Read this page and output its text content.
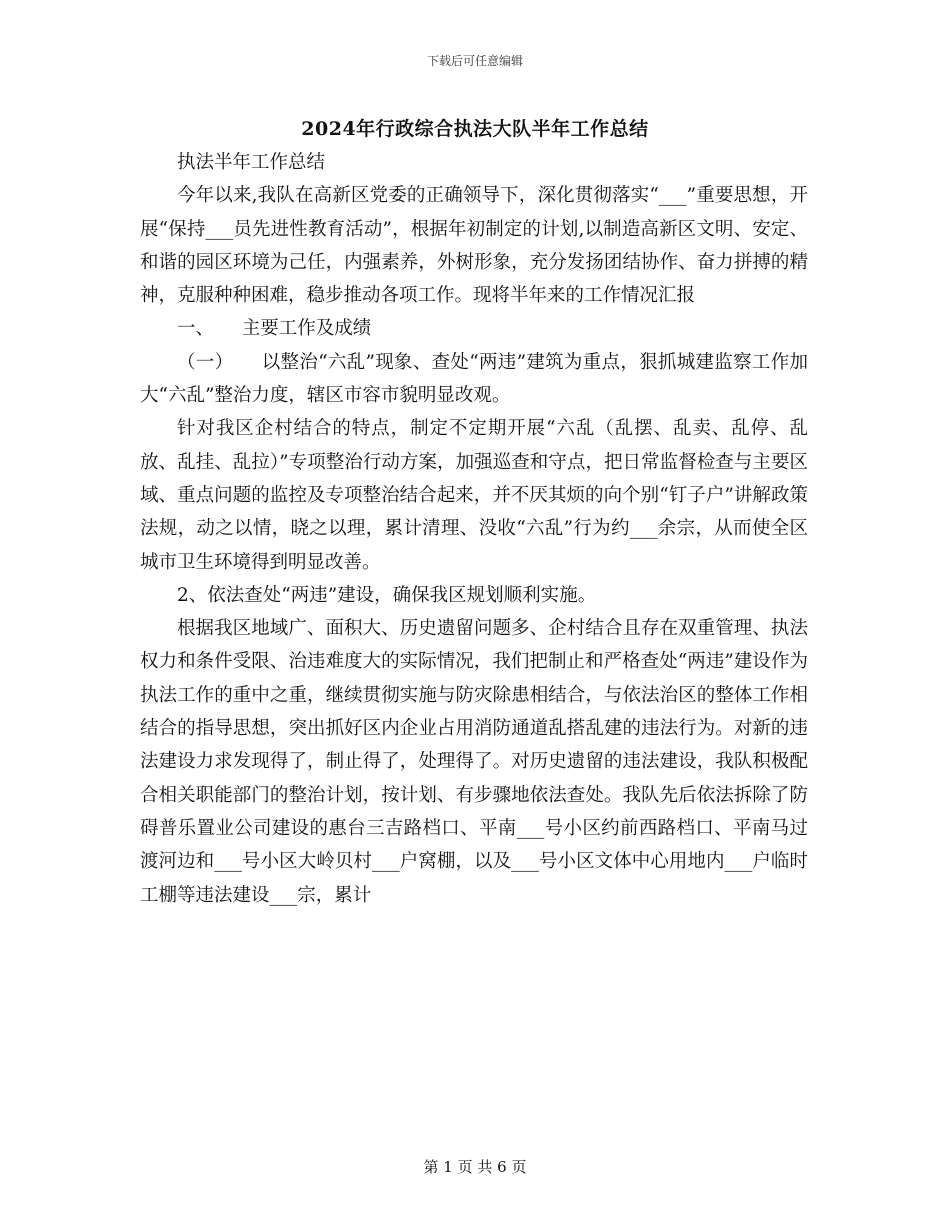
下载后可任意编辑
2024年行政综合执法大队半年工作总结

执法半年工作总结

今年以来,我队在高新区党委的正确领导下，深化贯彻落实“___”重要思想，开展“保持___员先进性教育活动”，根据年初制定的计划,以制造高新区文明、安定、和谐的园区环境为己任，内强素养，外树形象，充分发扬团结协作、奋力拼搏的精神，克服种种困难，稳步推动各项工作。现将半年来的工作情况汇报

一、　　主要工作及成绩

（一）　　以整治“六乱”现象、查处“两违”建筑为重点，狠抓城建监察工作加大“六乱”整治力度，辖区市容市貌明显改观。

针对我区企村结合的特点，制定不定期开展“六乱（乱摆、乱卖、乱停、乱放、乱挂、乱拉）”专项整治行动方案，加强巡查和守点，把日常监督检查与主要区域、重点问题的监控及专项整治结合起来，并不厌其烦的向个别“钉子户”讲解政策法规，动之以情，晓之以理，累计清理、没收“六乱”行为约___余宗，从而使全区城市卫生环境得到明显改善。

2、依法查处“两违”建设，确保我区规划顺利实施。

根据我区地域广、面积大、历史遗留问题多、企村结合且存在双重管理、执法权力和条件受限、治违难度大的实际情况，我们把制止和严格查处“两违”建设作为执法工作的重中之重，继续贯彻实施与防灾除患相结合，与依法治区的整体工作相结合的指导思想，突出抓好区内企业占用消防通道乱搭乱建的违法行为。对新的违法建设力求发现得了，制止得了，处理得了。对历史遗留的违法建设，我队积极配合相关职能部门的整治计划，按计划、有步骤地依法查处。我队先后依法拆除了防碍普乐置业公司建设的惠台三吉路档口、平南___号小区约前西路档口、平南马过渡河边和___号小区大岭贝村___户窝棚，以及___号小区文体中心用地内___户临时工棚等违法建设___宗，累计

第 1 页 共 6 页
